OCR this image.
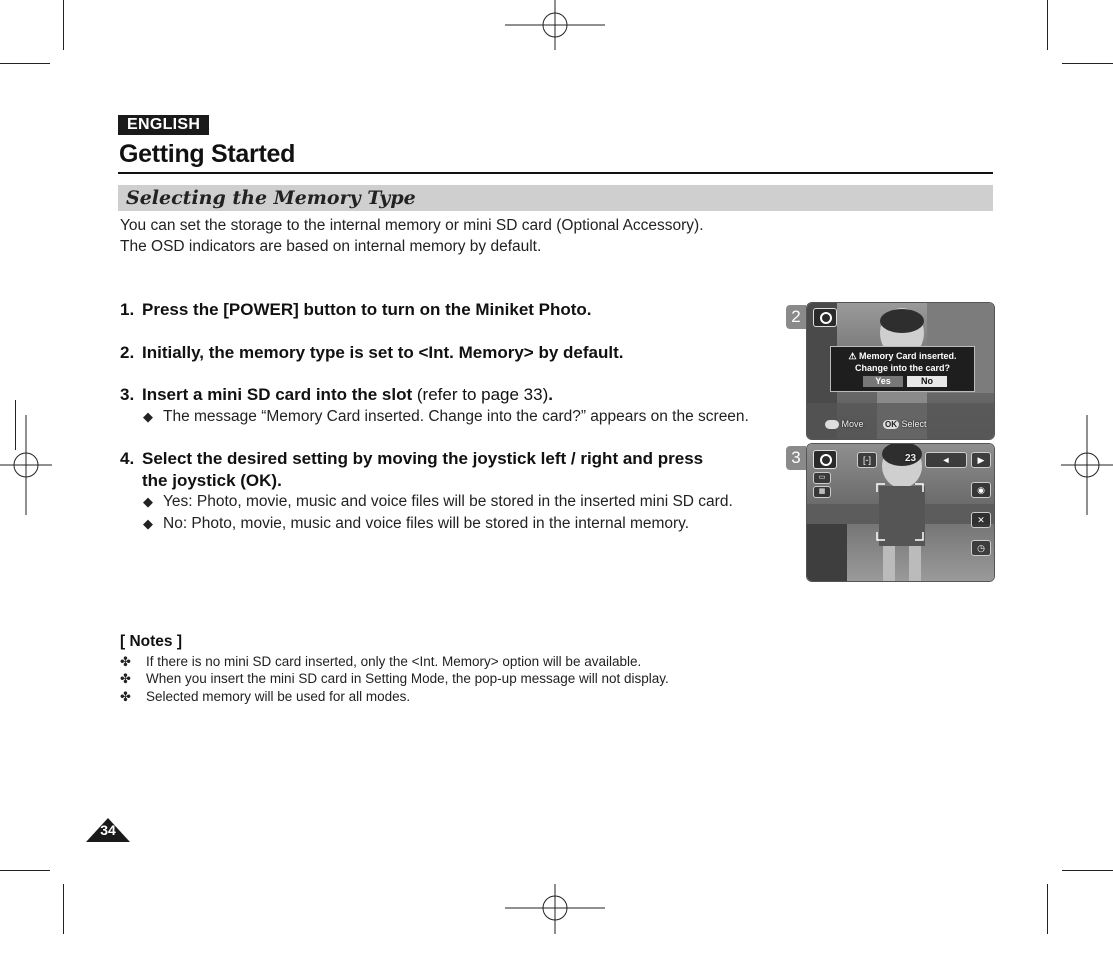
ENGLISH
Getting Started
Selecting the Memory Type
You can set the storage to the internal memory or mini SD card (Optional Accessory).
The OSD indicators are based on internal memory by default.
1. Press the [POWER] button to turn on the Miniket Photo.
2. Initially, the memory type is set to <Int. Memory> by default.
3. Insert a mini SD card into the slot (refer to page 33).
◆ The message “Memory Card inserted. Change into the card?” appears on the screen.
4. Select the desired setting by moving the joystick left / right and press
the joystick (OK).
◆ Yes: Photo, movie, music and voice files will be stored in the inserted mini SD card.
◆ No: Photo, movie, music and voice files will be stored in the internal memory.
[ Notes ]
✤ If there is no mini SD card inserted, only the <Int. Memory> option will be available.
✤ When you insert the mini SD card in Setting Mode, the pop-up message will not display.
✤ Selected memory will be used for all modes.
2
⚠ Memory Card inserted.
Change into the card?
Yes	No
Move	OK Select
3	[-]	23	◄	▶
▭
▦	◉
✕
◷
34
